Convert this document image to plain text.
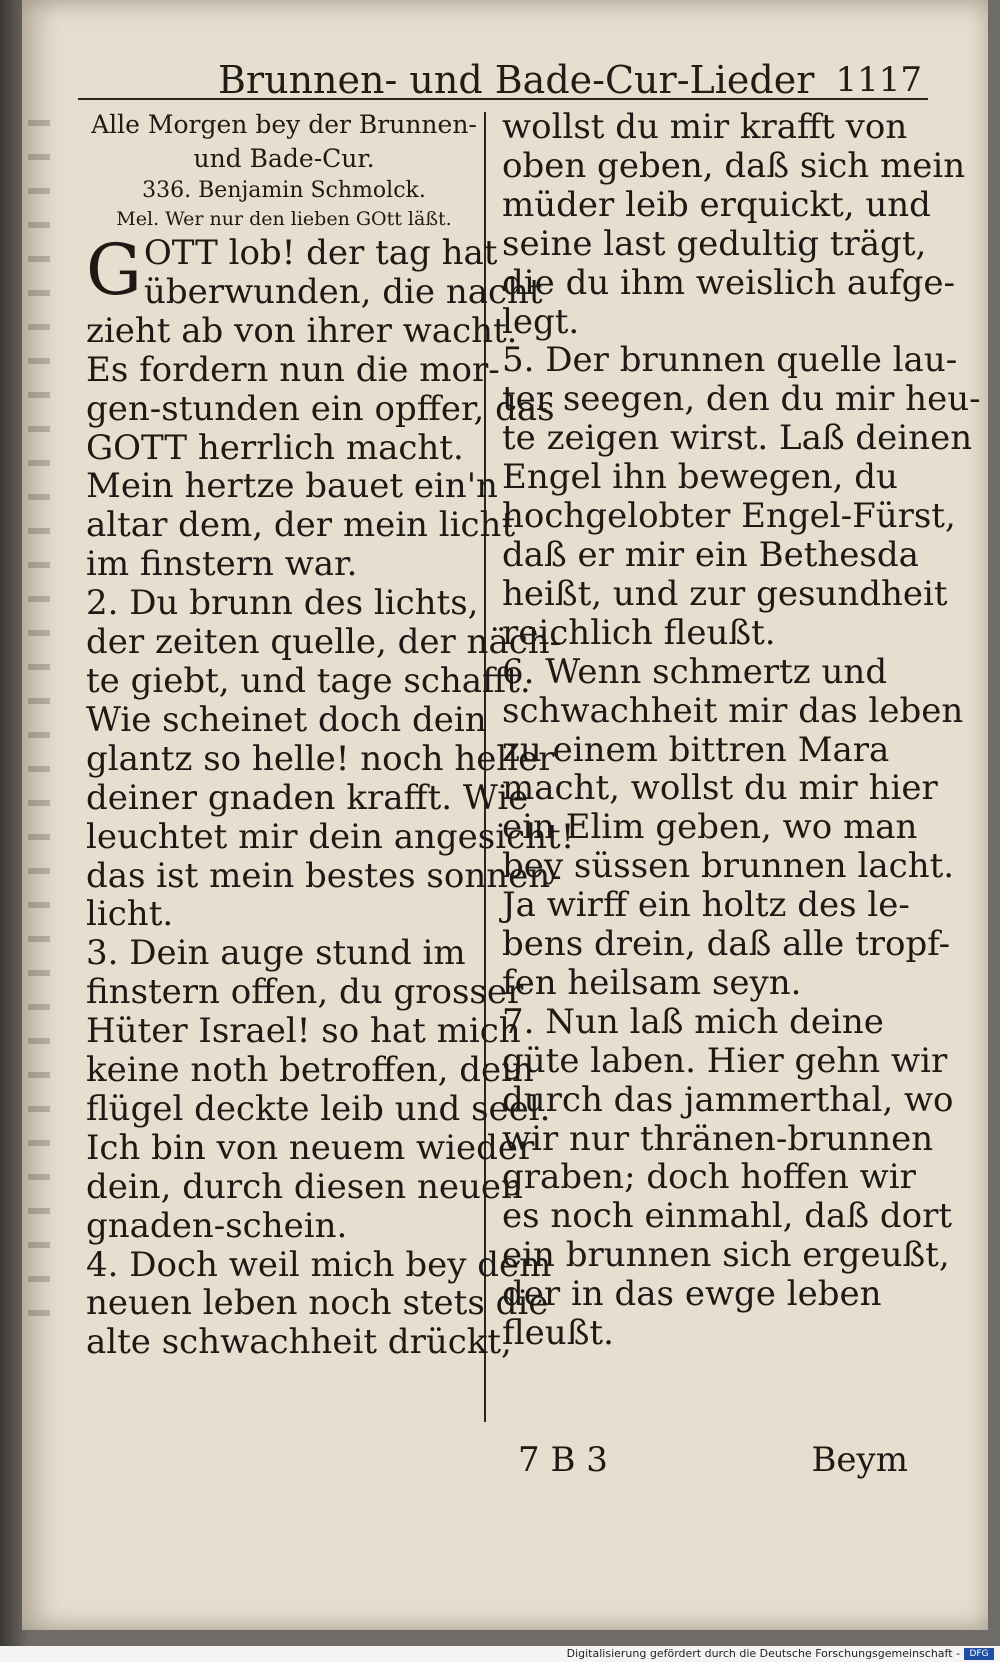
Brunnen- und Bade-Cur-Lieder 1117
Alle Morgen bey der Brunnen-
und Bade-Cur.
336. Benjamin Schmolck.
Mel. Wer nur den lieben GOtt läßt.
G OTT lob! der tag hat
überwunden, die nacht
zieht ab von ihrer wacht.
Es fordern nun die mor-
gen-stunden ein opffer, das
GOTT herrlich macht.
Mein hertze bauet ein'n
altar dem, der mein licht
im finstern war.
2. Du brunn des lichts,
der zeiten quelle, der näch-
te giebt, und tage schafft.
Wie scheinet doch dein
glantz so helle! noch heller
deiner gnaden krafft. Wie
leuchtet mir dein angesicht!
das ist mein bestes sonnen-
licht.
3. Dein auge stund im
finstern offen, du grosser
Hüter Israel! so hat mich
keine noth betroffen, dein
flügel deckte leib und seel.
Ich bin von neuem wieder
dein, durch diesen neuen
gnaden-schein.
4. Doch weil mich bey dem
neuen leben noch stets die
alte schwachheit drückt,
wollst du mir krafft von
oben geben, daß sich mein
müder leib erquickt, und
seine last gedultig trägt,
die du ihm weislich aufge-
legt.
5. Der brunnen quelle lau-
ter seegen, den du mir heu-
te zeigen wirst. Laß deinen
Engel ihn bewegen, du
hochgelobter Engel-Fürst,
daß er mir ein Bethesda
heißt, und zur gesundheit
reichlich fleußt.
6. Wenn schmertz und
schwachheit mir das leben
zu einem bittren Mara
macht, wollst du mir hier
ein Elim geben, wo man
bey süssen brunnen lacht.
Ja wirff ein holtz des le-
bens drein, daß alle tropf-
fen heilsam seyn.
7. Nun laß mich deine
güte laben. Hier gehn wir
durch das jammerthal, wo
wir nur thränen-brunnen
graben; doch hoffen wir
es noch einmahl, daß dort
ein brunnen sich ergeußt,
der in das ewge leben
fleußt.
7 B 3	Beym
Digitalisierung gefördert durch die Deutsche Forschungsgemeinschaft -	DFG
